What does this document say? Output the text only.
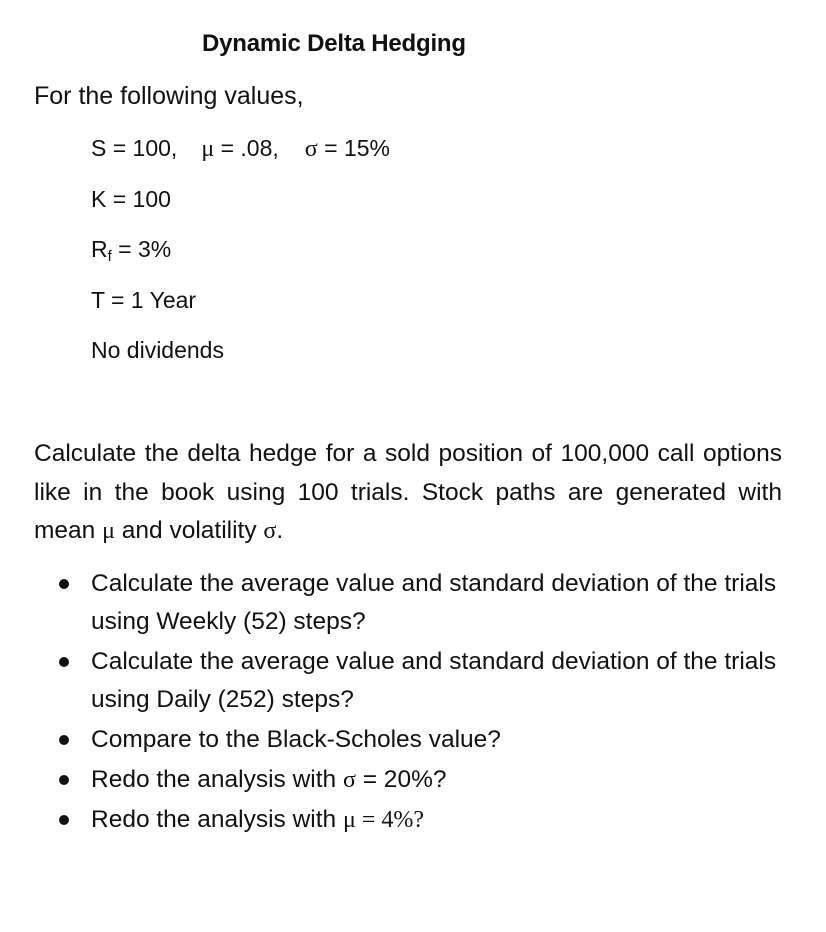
Dynamic Delta Hedging
For the following values,
S = 100, μ = .08, σ = 15%
K = 100
$R_f = 3\%$
T = 1 Year
No dividends
Calculate the delta hedge for a sold position of 100,000 call options like in the book using 100 trials. Stock paths are generated with mean μ and volatility σ.
Calculate the average value and standard deviation of the trials using Weekly (52) steps?
Calculate the average value and standard deviation of the trials using Daily (252) steps?
Compare to the Black-Scholes value?
Redo the analysis with σ = 20%?
Redo the analysis with μ = 4%?
